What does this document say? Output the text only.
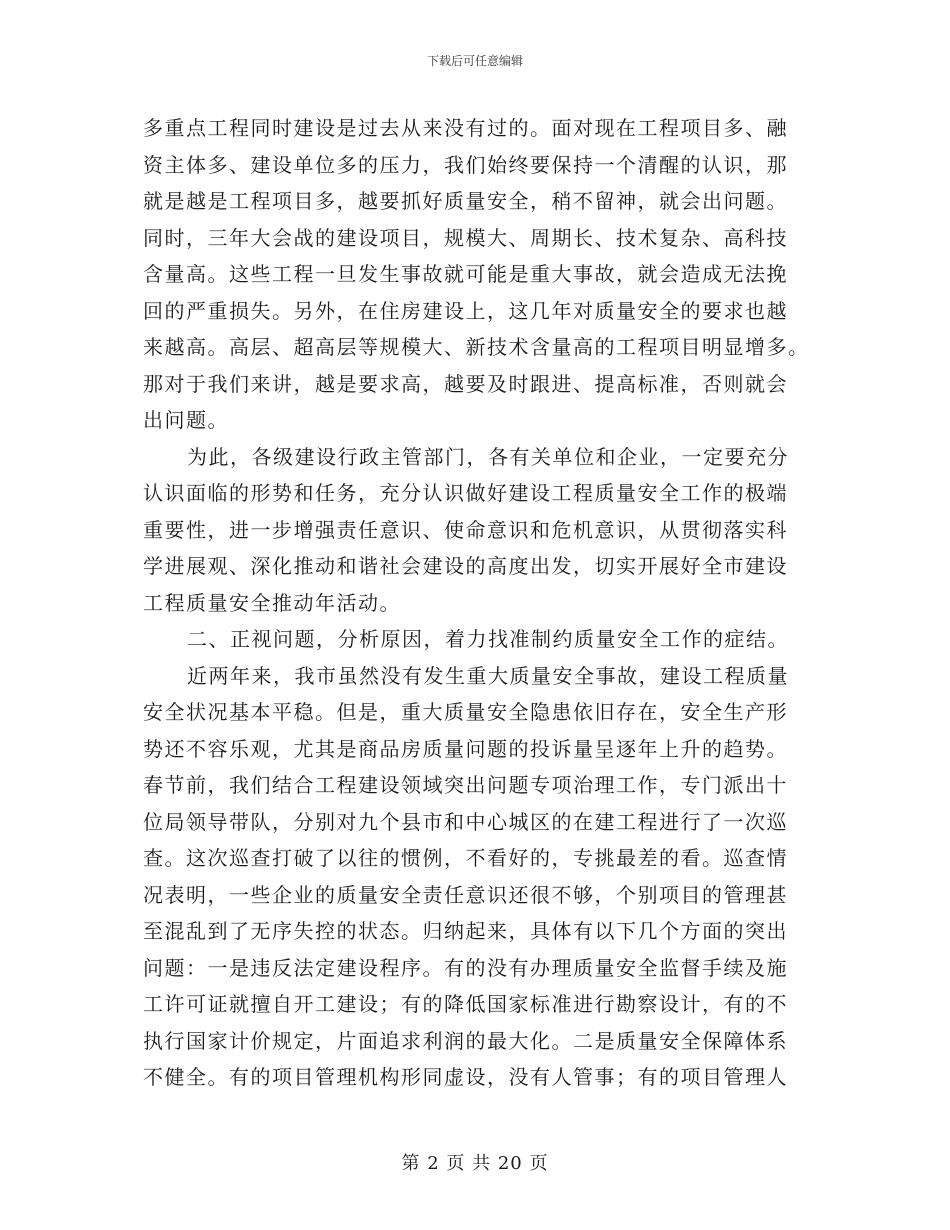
下载后可任意编辑
多重点工程同时建设是过去从来没有过的。面对现在工程项目多、融
资主体多、建设单位多的压力，我们始终要保持一个清醒的认识，那
就是越是工程项目多，越要抓好质量安全，稍不留神，就会出问题。
同时，三年大会战的建设项目，规模大、周期长、技术复杂、高科技
含量高。这些工程一旦发生事故就可能是重大事故，就会造成无法挽
回的严重损失。另外，在住房建设上，这几年对质量安全的要求也越
来越高。高层、超高层等规模大、新技术含量高的工程项目明显增多。
那对于我们来讲，越是要求高，越要及时跟进、提高标准，否则就会
出问题。
为此，各级建设行政主管部门，各有关单位和企业，一定要充分
认识面临的形势和任务，充分认识做好建设工程质量安全工作的极端
重要性，进一步增强责任意识、使命意识和危机意识，从贯彻落实科
学进展观、深化推动和谐社会建设的高度出发，切实开展好全市建设
工程质量安全推动年活动。
二、正视问题，分析原因，着力找准制约质量安全工作的症结。
近两年来，我市虽然没有发生重大质量安全事故，建设工程质量
安全状况基本平稳。但是，重大质量安全隐患依旧存在，安全生产形
势还不容乐观，尤其是商品房质量问题的投诉量呈逐年上升的趋势。
春节前，我们结合工程建设领域突出问题专项治理工作，专门派出十
位局领导带队，分别对九个县市和中心城区的在建工程进行了一次巡
查。这次巡查打破了以往的惯例，不看好的，专挑最差的看。巡查情
况表明，一些企业的质量安全责任意识还很不够，个别项目的管理甚
至混乱到了无序失控的状态。归纳起来，具体有以下几个方面的突出
问题：一是违反法定建设程序。有的没有办理质量安全监督手续及施
工许可证就擅自开工建设；有的降低国家标准进行勘察设计，有的不
执行国家计价规定，片面追求利润的最大化。二是质量安全保障体系
不健全。有的项目管理机构形同虚设，没有人管事；有的项目管理人
第 2 页 共 20 页
